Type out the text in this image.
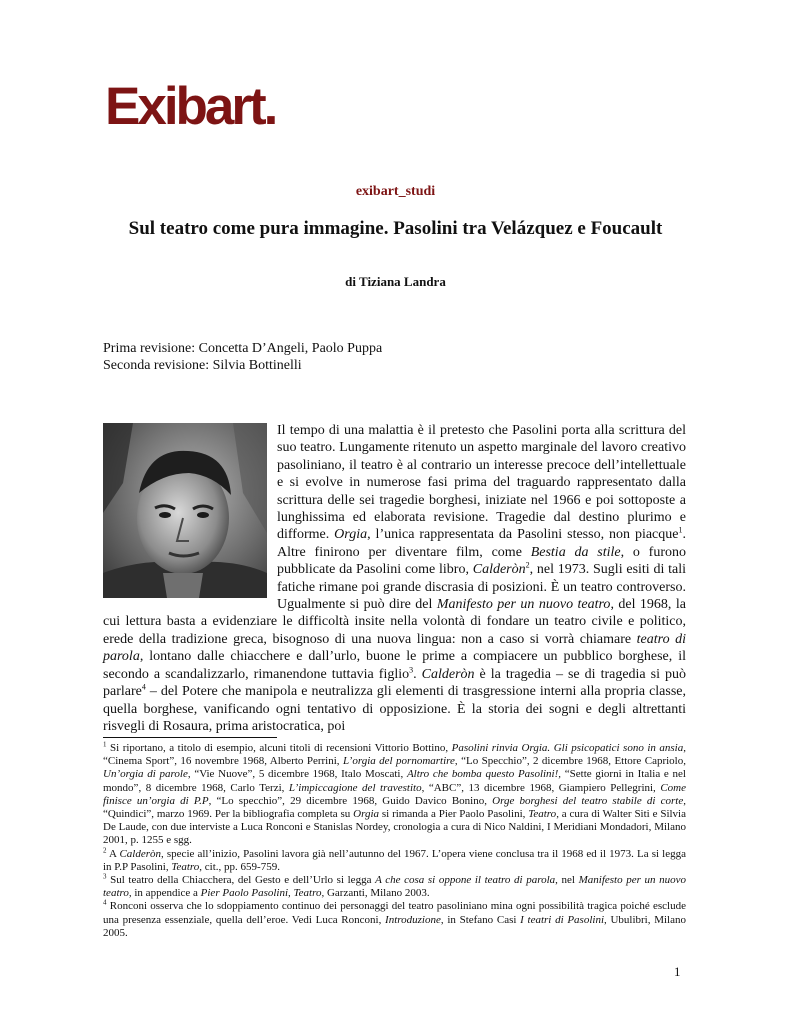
Exibart.
exibart_studi
Sul teatro come pura immagine. Pasolini tra Velázquez e Foucault
di Tiziana Landra
Prima revisione: Concetta D’Angeli, Paolo Puppa
Seconda revisione: Silvia Bottinelli
Il tempo di una malattia è il pretesto che Pasolini porta alla scrittura del suo teatro. Lungamente ritenuto un aspetto marginale del lavoro creativo pasoliniano, il teatro è al contrario un interesse precoce dell’intellettuale e si evolve in numerose fasi prima del traguardo rappresentato dalla scrittura delle sei tragedie borghesi, iniziate nel 1966 e poi sottoposte a lunghissima ed elaborata revisione. Tragedie dal destino plurimo e difforme. Orgia, l’unica rappresentata da Pasolini stesso, non piacque$^1$. Altre finirono per diventare film, come Bestia da stile, o furono pubblicate da Pasolini come libro, Calderòn$^2$, nel 1973. Sugli esiti di tali fatiche rimane poi grande discrasia di posizioni. È un teatro controverso. Ugualmente si può dire del Manifesto per un nuovo teatro, del 1968, la cui lettura basta a evidenziare le difficoltà insite nella volontà di fondare un teatro civile e politico, erede della tradizione greca, bisognoso di una nuova lingua: non a caso si vorrà chiamare teatro di parola, lontano dalle chiacchere e dall’urlo, buone le prime a compiacere un pubblico borghese, il secondo a scandalizzarlo, rimanendone tuttavia figlio$^3$. Calderòn è la tragedia – se di tragedia si può parlare$^4$ – del Potere che manipola e neutralizza gli elementi di trasgressione interni alla propria classe, quella borghese, vanificando ogni tentativo di opposizione. È la storia dei sogni e degli altrettanti risvegli di Rosaura, prima aristocratica, poi

$^1$ Si riportano, a titolo di esempio, alcuni titoli di recensioni Vittorio Bottino, Pasolini rinvia Orgia. Gli psicopatici sono in ansia, “Cinema Sport”, 16 novembre 1968, Alberto Perrini, L’orgia del pornomartire, “Lo Specchio”, 2 dicembre 1968, Ettore Capriolo, Un’orgia di parole, “Vie Nuove”, 5 dicembre 1968, Italo Moscati, Altro che bomba questo Pasolini!, “Sette giorni in Italia e nel mondo”, 8 dicembre 1968, Carlo Terzi, L’impiccagione del travestito, “ABC”, 13 dicembre 1968, Giampiero Pellegrini, Come finisce un’orgia di P.P, “Lo specchio”, 29 dicembre 1968, Guido Davico Bonino, Orge borghesi del teatro stabile di corte, “Quindici”, marzo 1969. Per la bibliografia completa su Orgia si rimanda a Pier Paolo Pasolini, Teatro, a cura di Walter Siti e Silvia De Laude, con due interviste a Luca Ronconi e Stanislas Nordey, cronologia a cura di Nico Naldini, I Meridiani Mondadori, Milano 2001, p. 1255 e sgg.

$^2$ A Calderòn, specie all’inizio, Pasolini lavora già nell’autunno del 1967. L’opera viene conclusa tra il 1968 ed il 1973. La si legga in P.P Pasolini, Teatro, cit., pp. 659-759.

$^3$ Sul teatro della Chiacchera, del Gesto e dell’Urlo si legga A che cosa si oppone il teatro di parola, nel Manifesto per un nuovo teatro, in appendice a Pier Paolo Pasolini, Teatro, Garzanti, Milano 2003.

$^4$ Ronconi osserva che lo sdoppiamento continuo dei personaggi del teatro pasoliniano mina ogni possibilità tragica poiché esclude una presenza essenziale, quella dell’eroe. Vedi Luca Ronconi, Introduzione, in Stefano Casi I teatri di Pasolini, Ubulibri, Milano 2005.

1
